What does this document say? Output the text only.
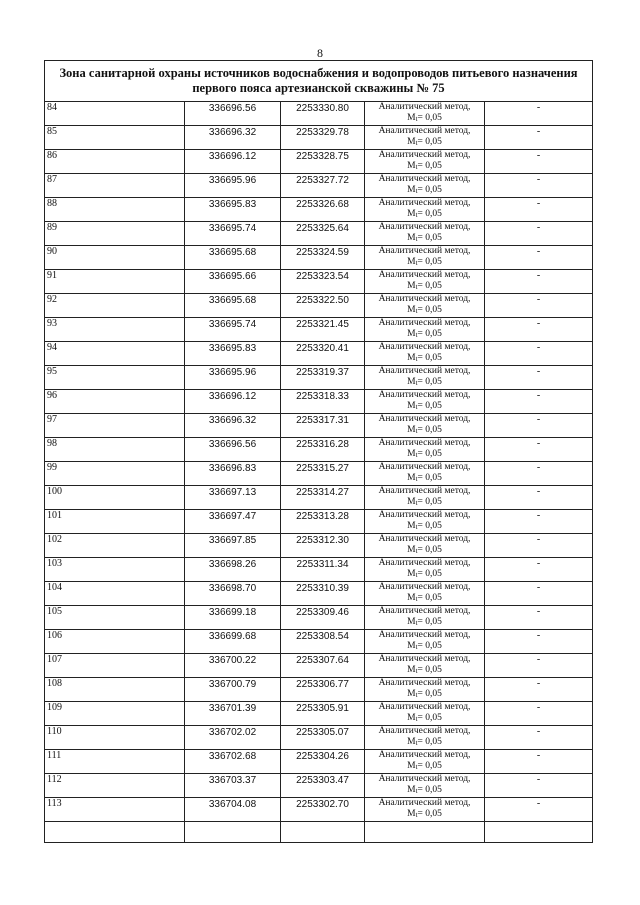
8
Зона санитарной охраны источников водоснабжения и водопроводов питьевого назначения
первого пояса артезианской скважины № 75				

84	336696.56	2253330.80	Аналитический метод,
Mt= 0,05	-
85	336696.32	2253329.78	Аналитический метод,
Mt= 0,05	-
86	336696.12	2253328.75	Аналитический метод,
Mt= 0,05	-
87	336695.96	2253327.72	Аналитический метод,
Mt= 0,05	-
88	336695.83	2253326.68	Аналитический метод,
Mt= 0,05	-
89	336695.74	2253325.64	Аналитический метод,
Mt= 0,05	-
90	336695.68	2253324.59	Аналитический метод,
Mt= 0,05	-
91	336695.66	2253323.54	Аналитический метод,
Mt= 0,05	-
92	336695.68	2253322.50	Аналитический метод,
Mt= 0,05	-
93	336695.74	2253321.45	Аналитический метод,
Mt= 0,05	-
94	336695.83	2253320.41	Аналитический метод,
Mt= 0,05	-
95	336695.96	2253319.37	Аналитический метод,
Mt= 0,05	-
96	336696.12	2253318.33	Аналитический метод,
Mt= 0,05	-
97	336696.32	2253317.31	Аналитический метод,
Mt= 0,05	-
98	336696.56	2253316.28	Аналитический метод,
Mt= 0,05	-
99	336696.83	2253315.27	Аналитический метод,
Mt= 0,05	-
100	336697.13	2253314.27	Аналитический метод,
Mt= 0,05	-
101	336697.47	2253313.28	Аналитический метод,
Mt= 0,05	-
102	336697.85	2253312.30	Аналитический метод,
Mt= 0,05	-
103	336698.26	2253311.34	Аналитический метод,
Mt= 0,05	-
104	336698.70	2253310.39	Аналитический метод,
Mt= 0,05	-
105	336699.18	2253309.46	Аналитический метод,
Mt= 0,05	-
106	336699.68	2253308.54	Аналитический метод,
Mt= 0,05	-
107	336700.22	2253307.64	Аналитический метод,
Mt= 0,05	-
108	336700.79	2253306.77	Аналитический метод,
Mt= 0,05	-
109	336701.39	2253305.91	Аналитический метод,
Mt= 0,05	-
110	336702.02	2253305.07	Аналитический метод,
Mt= 0,05	-
111	336702.68	2253304.26	Аналитический метод,
Mt= 0,05	-
112	336703.37	2253303.47	Аналитический метод,
Mt= 0,05	-
113	336704.08	2253302.70	Аналитический метод,
Mt= 0,05	-
